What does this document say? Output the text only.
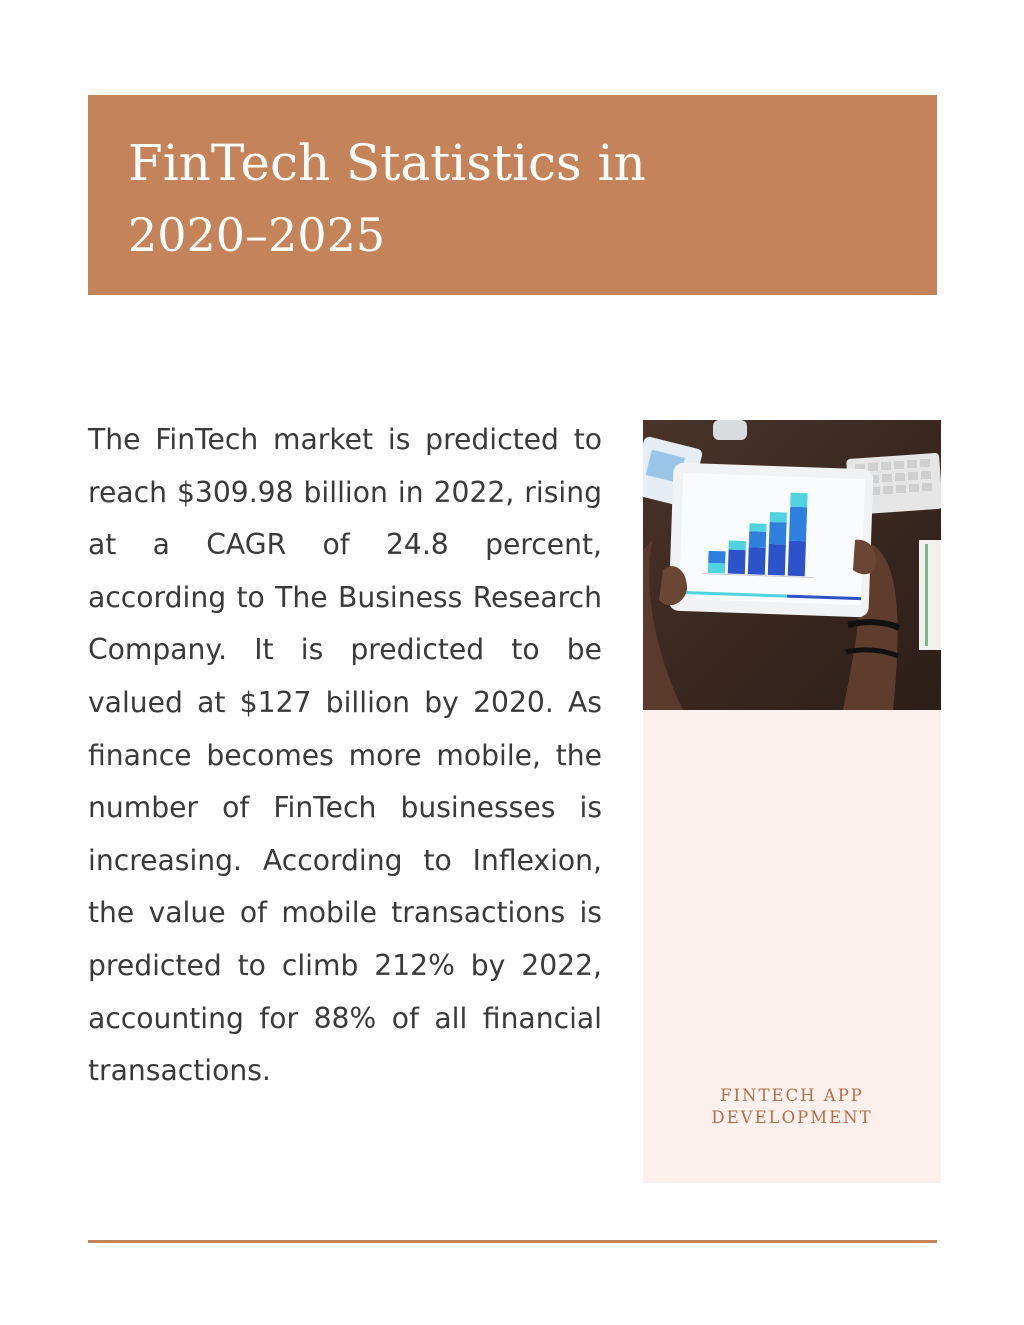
FinTech Statistics in
2020–2025

The FinTech market is predicted to reach $309.98 billion in 2022, rising at a CAGR of 24.8 percent, according to The Business Research Company. It is predicted to be valued at $127 billion by 2020. As finance becomes more mobile, the number of FinTech businesses is increasing. According to Inflexion, the value of mobile transactions is predicted to climb 212% by 2022, accounting for 88% of all financial transactions.

FINTECH APP
DEVELOPMENT
